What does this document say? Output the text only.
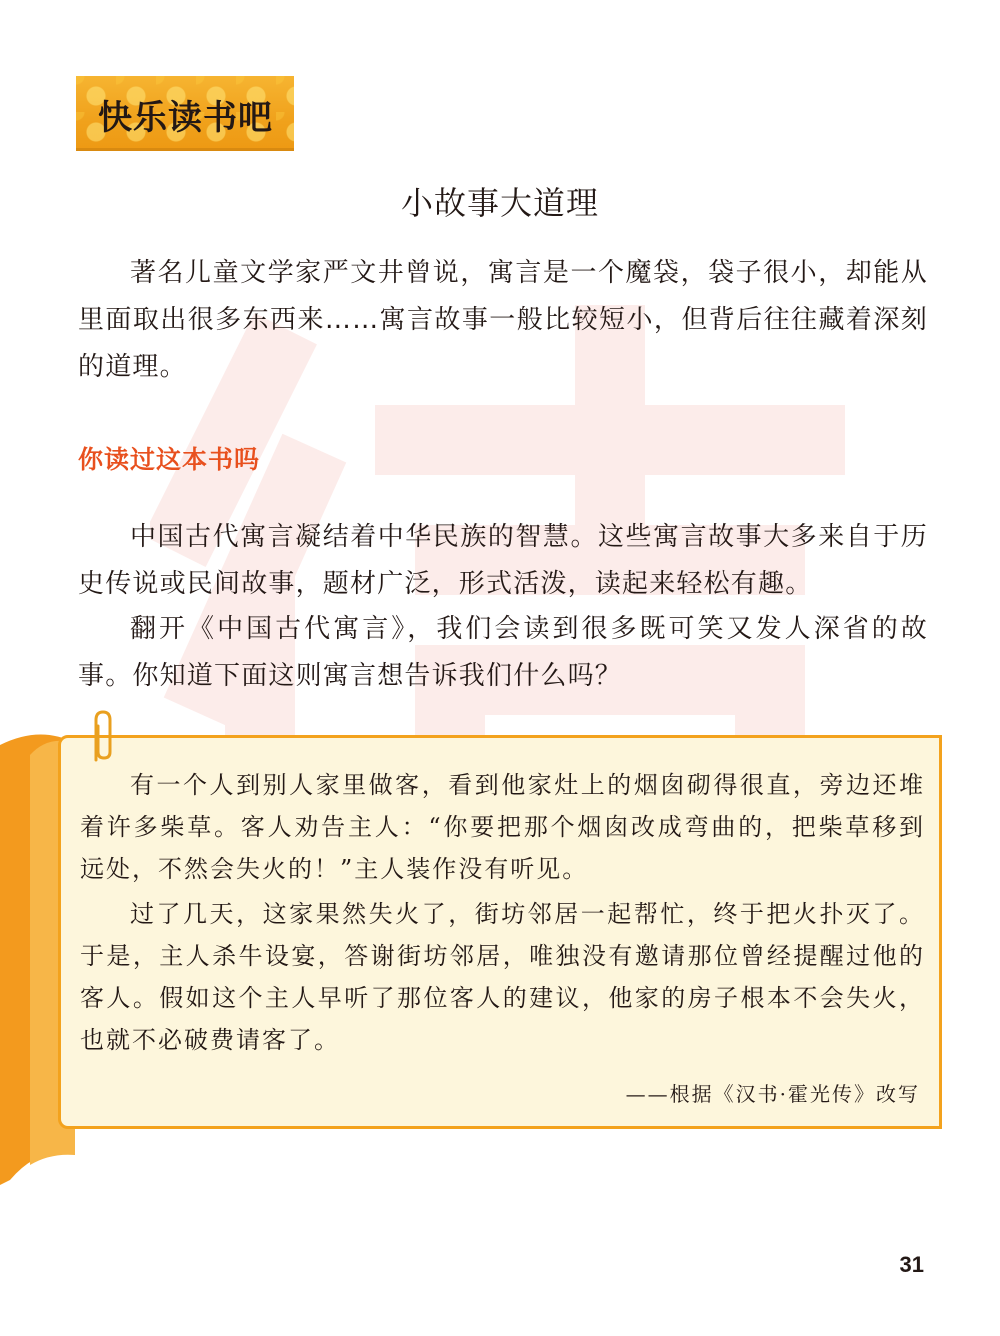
快乐读书吧
小故事大道理

著名儿童文学家严文井曾说，寓言是一个魔袋，袋子很小，却能从里面取出很多东西来……寓言故事一般比较短小，但背后往往藏着深刻的道理。

你读过这本书吗

中国古代寓言凝结着中华民族的智慧。这些寓言故事大多来自于历史传说或民间故事，题材广泛，形式活泼，读起来轻松有趣。

翻开《中国古代寓言》，我们会读到很多既可笑又发人深省的故事。你知道下面这则寓言想告诉我们什么吗？

有一个人到别人家里做客，看到他家灶上的烟囱砌得很直，旁边还堆着许多柴草。客人劝告主人：“你要把那个烟囱改成弯曲的，把柴草移到远处，不然会失火的！”主人装作没有听见。

过了几天，这家果然失火了，街坊邻居一起帮忙，终于把火扑灭了。于是，主人杀牛设宴，答谢街坊邻居，唯独没有邀请那位曾经提醒过他的客人。假如这个主人早听了那位客人的建议，他家的房子根本不会失火，也就不必破费请客了。

——根据《汉书·霍光传》改写
31
